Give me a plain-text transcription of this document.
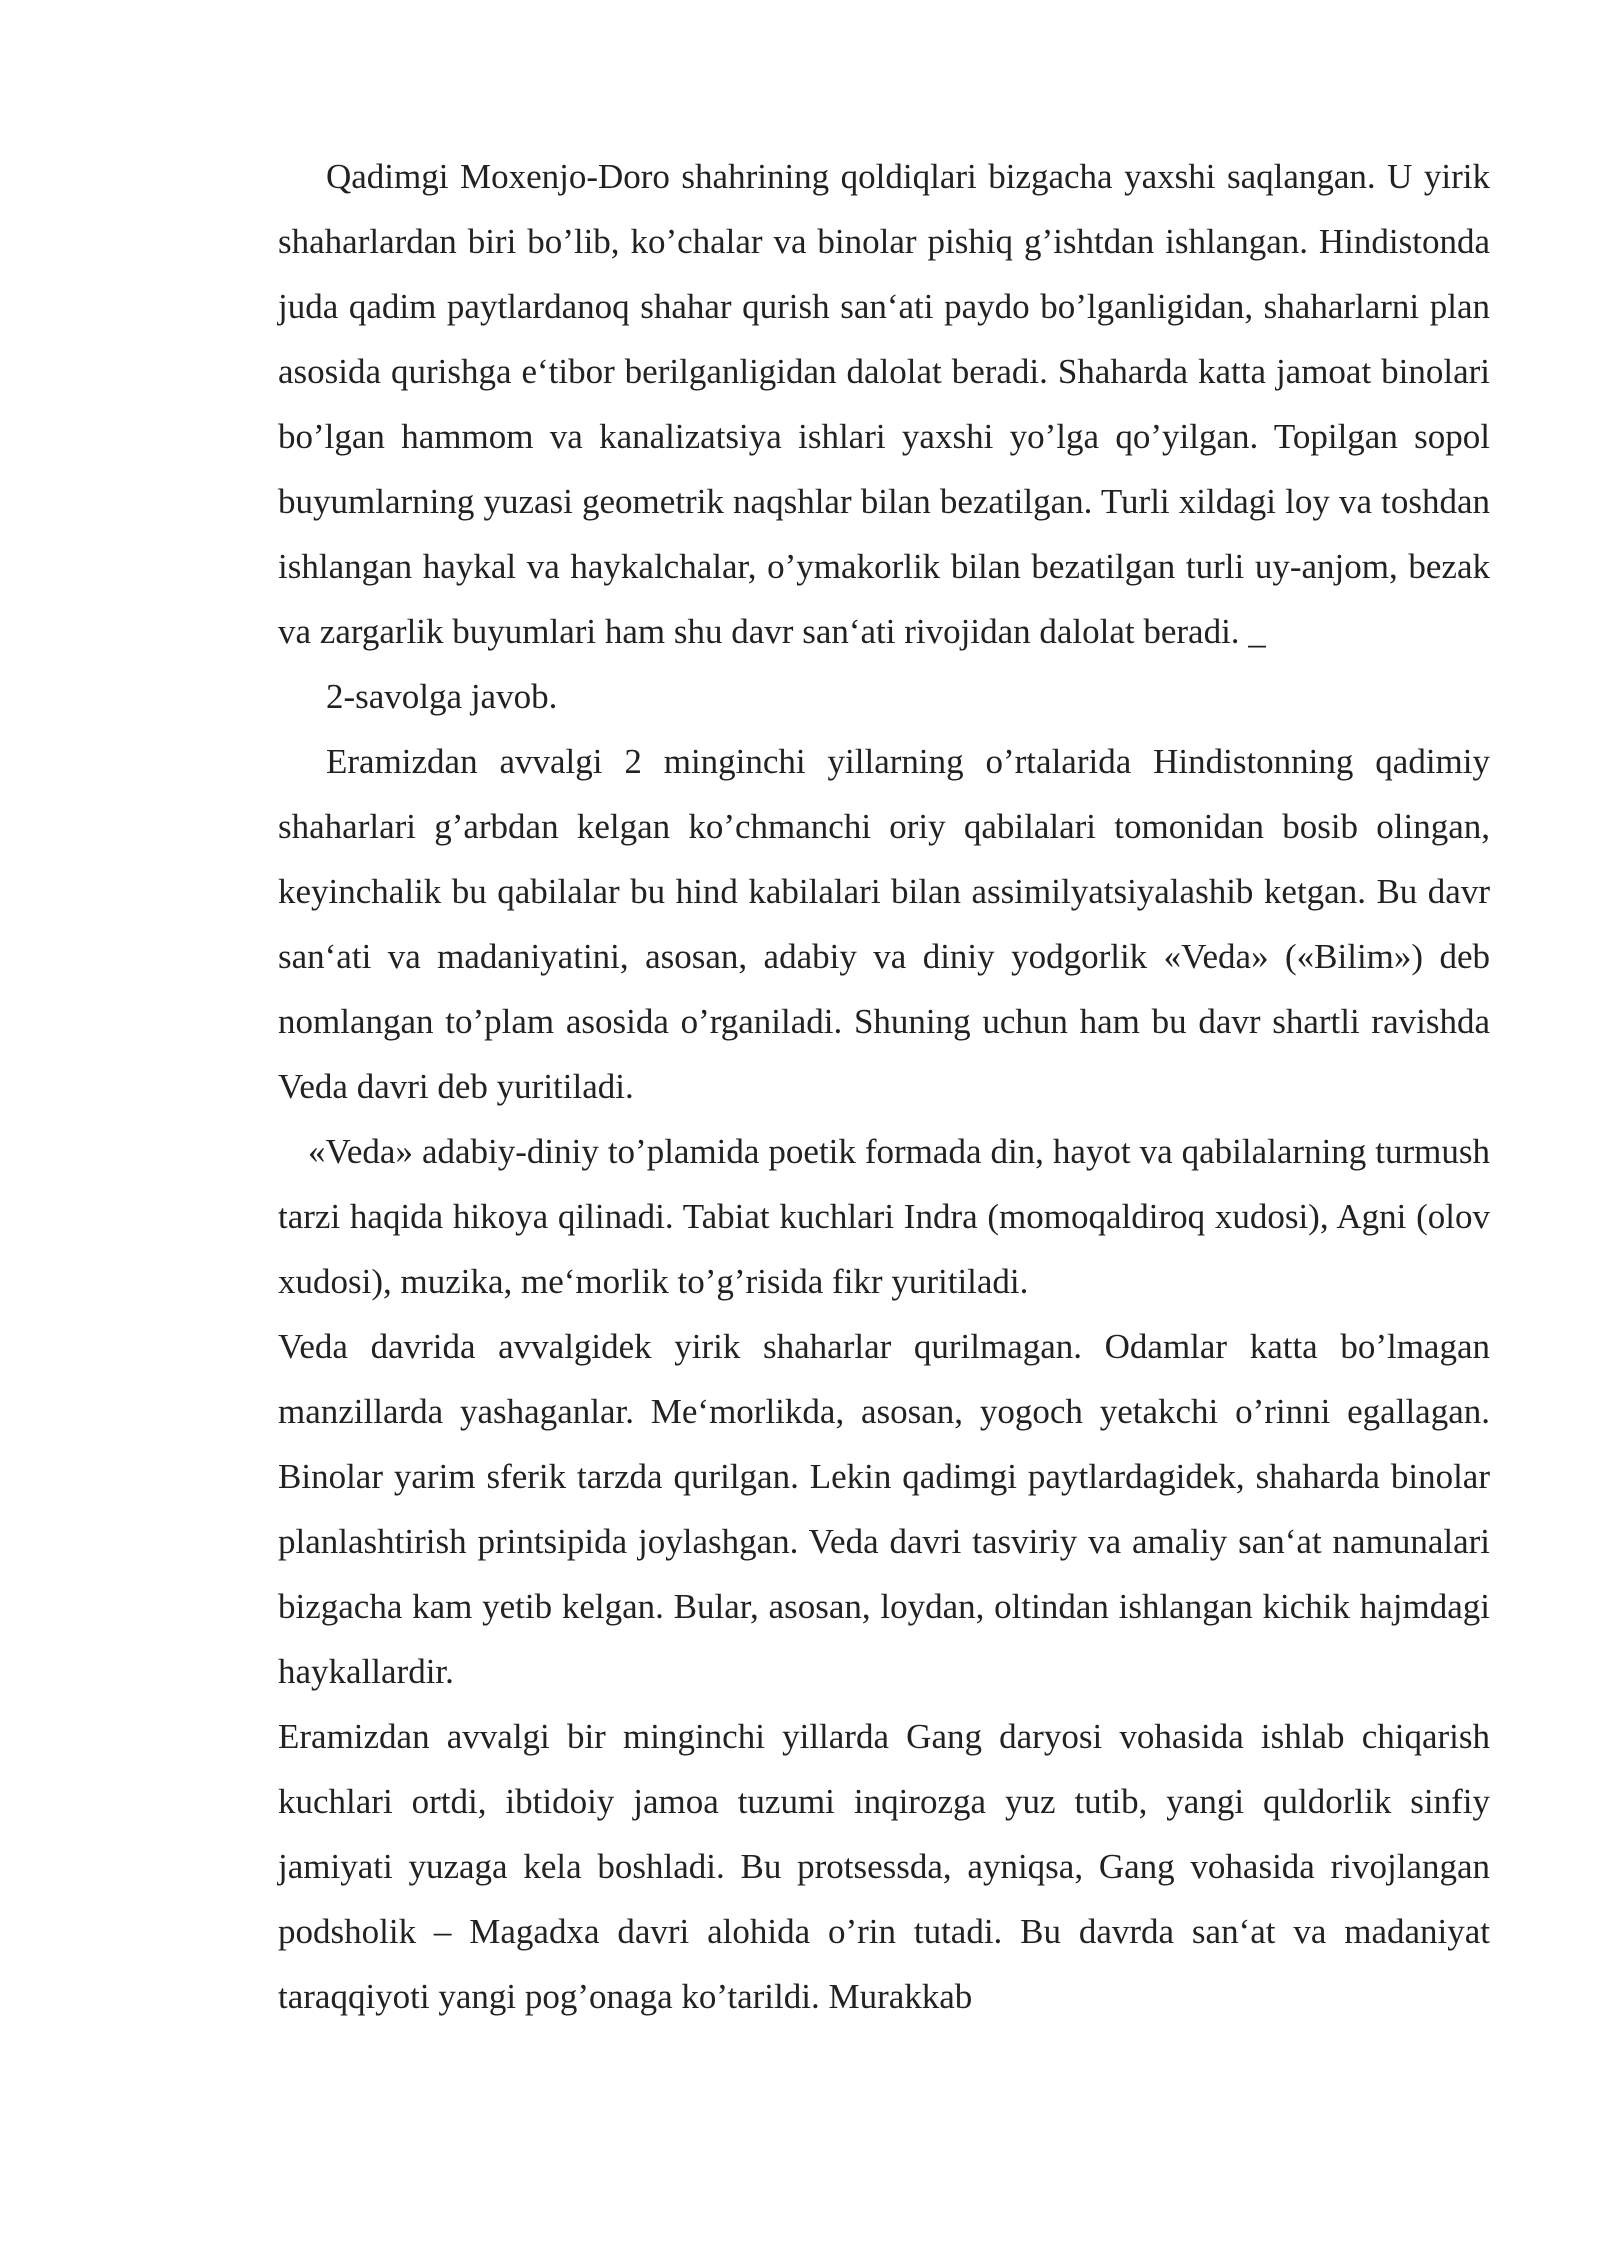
Qadimgi Moxenjo-Doro shahrining qoldiqlari bizgacha yaxshi saqlangan. U yirik shaharlardan biri bo’lib, ko’chalar va binolar pishiq g’ishtdan ishlangan. Hindistonda juda qadim paytlardanoq shahar qurish san‘ati paydo bo’lganligidan, shaharlarni plan asosida qurishga e‘tibor berilganligidan dalolat beradi. Shaharda katta jamoat binolari bo’lgan hammom va kanalizatsiya ishlari yaxshi yo’lga qo’yilgan. Topilgan sopol buyumlarning yuzasi geometrik naqshlar bilan bezatilgan. Turli xildagi loy va toshdan ishlangan haykal va haykalchalar, o’ymakorlik bilan bezatilgan turli uy-anjom, bezak va zargarlik buyumlari ham shu davr san‘ati rivojidan dalolat beradi. _

2-savolga javob.

Eramizdan avvalgi 2 minginchi yillarning o’rtalarida Hindistonning qadimiy shaharlari g’arbdan kelgan ko’chmanchi oriy qabilalari tomonidan bosib olingan, keyinchalik bu qabilalar bu hind kabilalari bilan assimilyatsiyalashib ketgan. Bu davr san‘ati va madaniyatini, asosan, adabiy va diniy yodgorlik «Veda» («Bilim») deb nomlangan to’plam asosida o’rganiladi. Shuning uchun ham bu davr shartli ravishda Veda davri deb yuritiladi.

«Veda» adabiy-diniy to’plamida poetik formada din, hayot va qabilalarning turmush tarzi haqida hikoya qilinadi. Tabiat kuchlari Indra (momoqaldiroq xudosi), Agni (olov xudosi), muzika, me‘morlik to’g’risida fikr yuritiladi.

Veda davrida avvalgidek yirik shaharlar qurilmagan. Odamlar katta bo’lmagan manzillarda yashaganlar. Me‘morlikda, asosan, yogoch yetakchi o’rinni egallagan. Binolar yarim sferik tarzda qurilgan. Lekin qadimgi paytlardagidek, shaharda binolar planlashtirish printsipida joylashgan. Veda davri tasviriy va amaliy san‘at namunalari bizgacha kam yetib kelgan. Bular, asosan, loydan, oltindan ishlangan kichik hajmdagi haykallardir.

Eramizdan avvalgi bir minginchi yillarda Gang daryosi vohasida ishlab chiqarish kuchlari ortdi, ibtidoiy jamoa tuzumi inqirozga yuz tutib, yangi quldorlik sinfiy jamiyati yuzaga kela boshladi. Bu protsessda, ayniqsa, Gang vohasida rivojlangan podsholik – Magadxa davri alohida o’rin tutadi. Bu davrda san‘at va madaniyat taraqqiyoti yangi pog’onaga ko’tarildi. Murakkab
